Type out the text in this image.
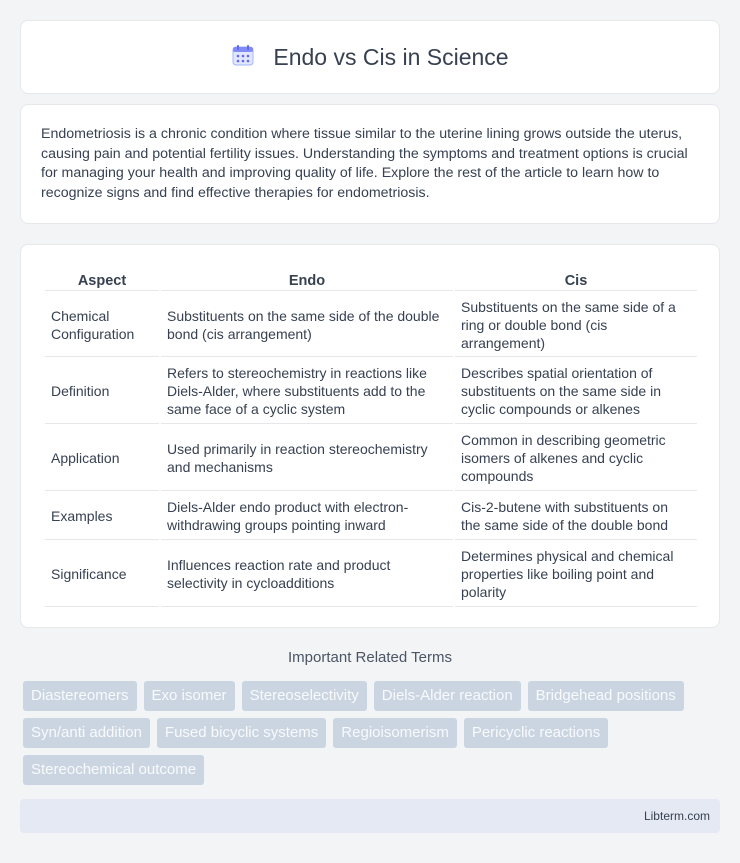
Endo vs Cis in Science

Endometriosis is a chronic condition where tissue similar to the uterine lining grows outside the uterus, causing pain and potential fertility issues. Understanding the symptoms and treatment options is crucial for managing your health and improving quality of life. Explore the rest of the article to learn how to recognize signs and find effective therapies for endometriosis.

Aspect	Endo	Cis
Chemical Configuration	Substituents on the same side of the double bond (cis arrangement)	Substituents on the same side of a ring or double bond (cis arrangement)
Definition	Refers to stereochemistry in reactions like Diels-Alder, where substituents add to the same face of a cyclic system	Describes spatial orientation of substituents on the same side in cyclic compounds or alkenes
Application	Used primarily in reaction stereochemistry and mechanisms	Common in describing geometric isomers of alkenes and cyclic compounds
Examples	Diels-Alder endo product with electron-withdrawing groups pointing inward	Cis-2-butene with substituents on the same side of the double bond
Significance	Influences reaction rate and product selectivity in cycloadditions	Determines physical and chemical properties like boiling point and polarity
Important Related Terms
Diastereomers	Exo isomer	Stereoselectivity	Diels-Alder reaction	Bridgehead positions
Syn/anti addition	Fused bicyclic systems	Regioisomerism	Pericyclic reactions
Stereochemical outcome
Libterm.com
